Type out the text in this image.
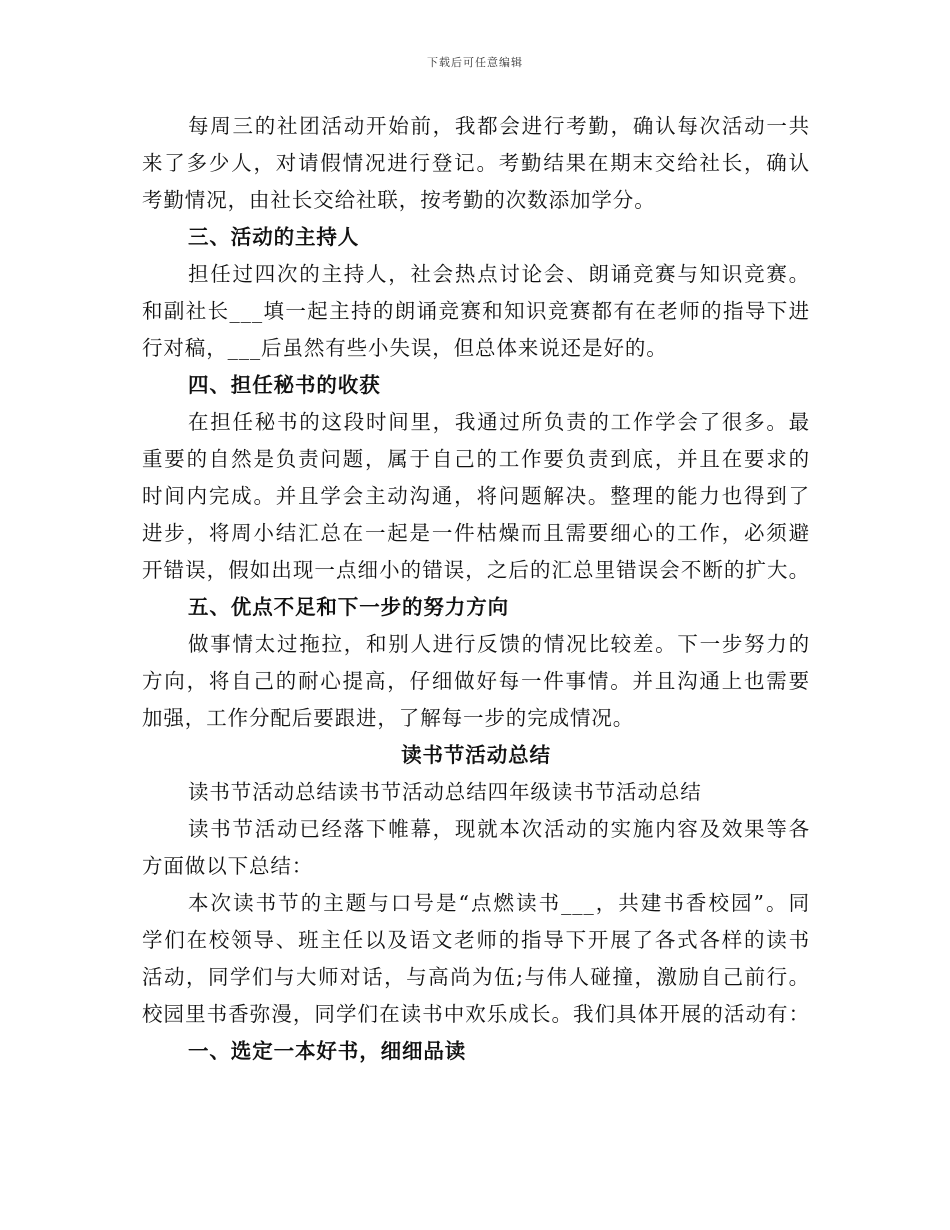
下载后可任意编辑
每周三的社团活动开始前，我都会进行考勤，确认每次活动一共
来了多少人，对请假情况进行登记。考勤结果在期末交给社长，确认
考勤情况，由社长交给社联，按考勤的次数添加学分。
三、活动的主持人
担任过四次的主持人，社会热点讨论会、朗诵竞赛与知识竞赛。
和副社长___填一起主持的朗诵竞赛和知识竞赛都有在老师的指导下进
行对稿，___后虽然有些小失误，但总体来说还是好的。
四、担任秘书的收获
在担任秘书的这段时间里，我通过所负责的工作学会了很多。最
重要的自然是负责问题，属于自己的工作要负责到底，并且在要求的
时间内完成。并且学会主动沟通，将问题解决。整理的能力也得到了
进步，将周小结汇总在一起是一件枯燥而且需要细心的工作，必须避
开错误，假如出现一点细小的错误，之后的汇总里错误会不断的扩大。
五、优点不足和下一步的努力方向
做事情太过拖拉，和别人进行反馈的情况比较差。下一步努力的
方向，将自己的耐心提高，仔细做好每一件事情。并且沟通上也需要
加强，工作分配后要跟进，了解每一步的完成情况。
读书节活动总结
读书节活动总结读书节活动总结四年级读书节活动总结
读书节活动已经落下帷幕，现就本次活动的实施内容及效果等各
方面做以下总结：
本次读书节的主题与口号是“点燃读书___，共建书香校园”。同
学们在校领导、班主任以及语文老师的指导下开展了各式各样的读书
活动，同学们与大师对话，与高尚为伍;与伟人碰撞，激励自己前行。
校园里书香弥漫，同学们在读书中欢乐成长。我们具体开展的活动有：
一、选定一本好书，细细品读
